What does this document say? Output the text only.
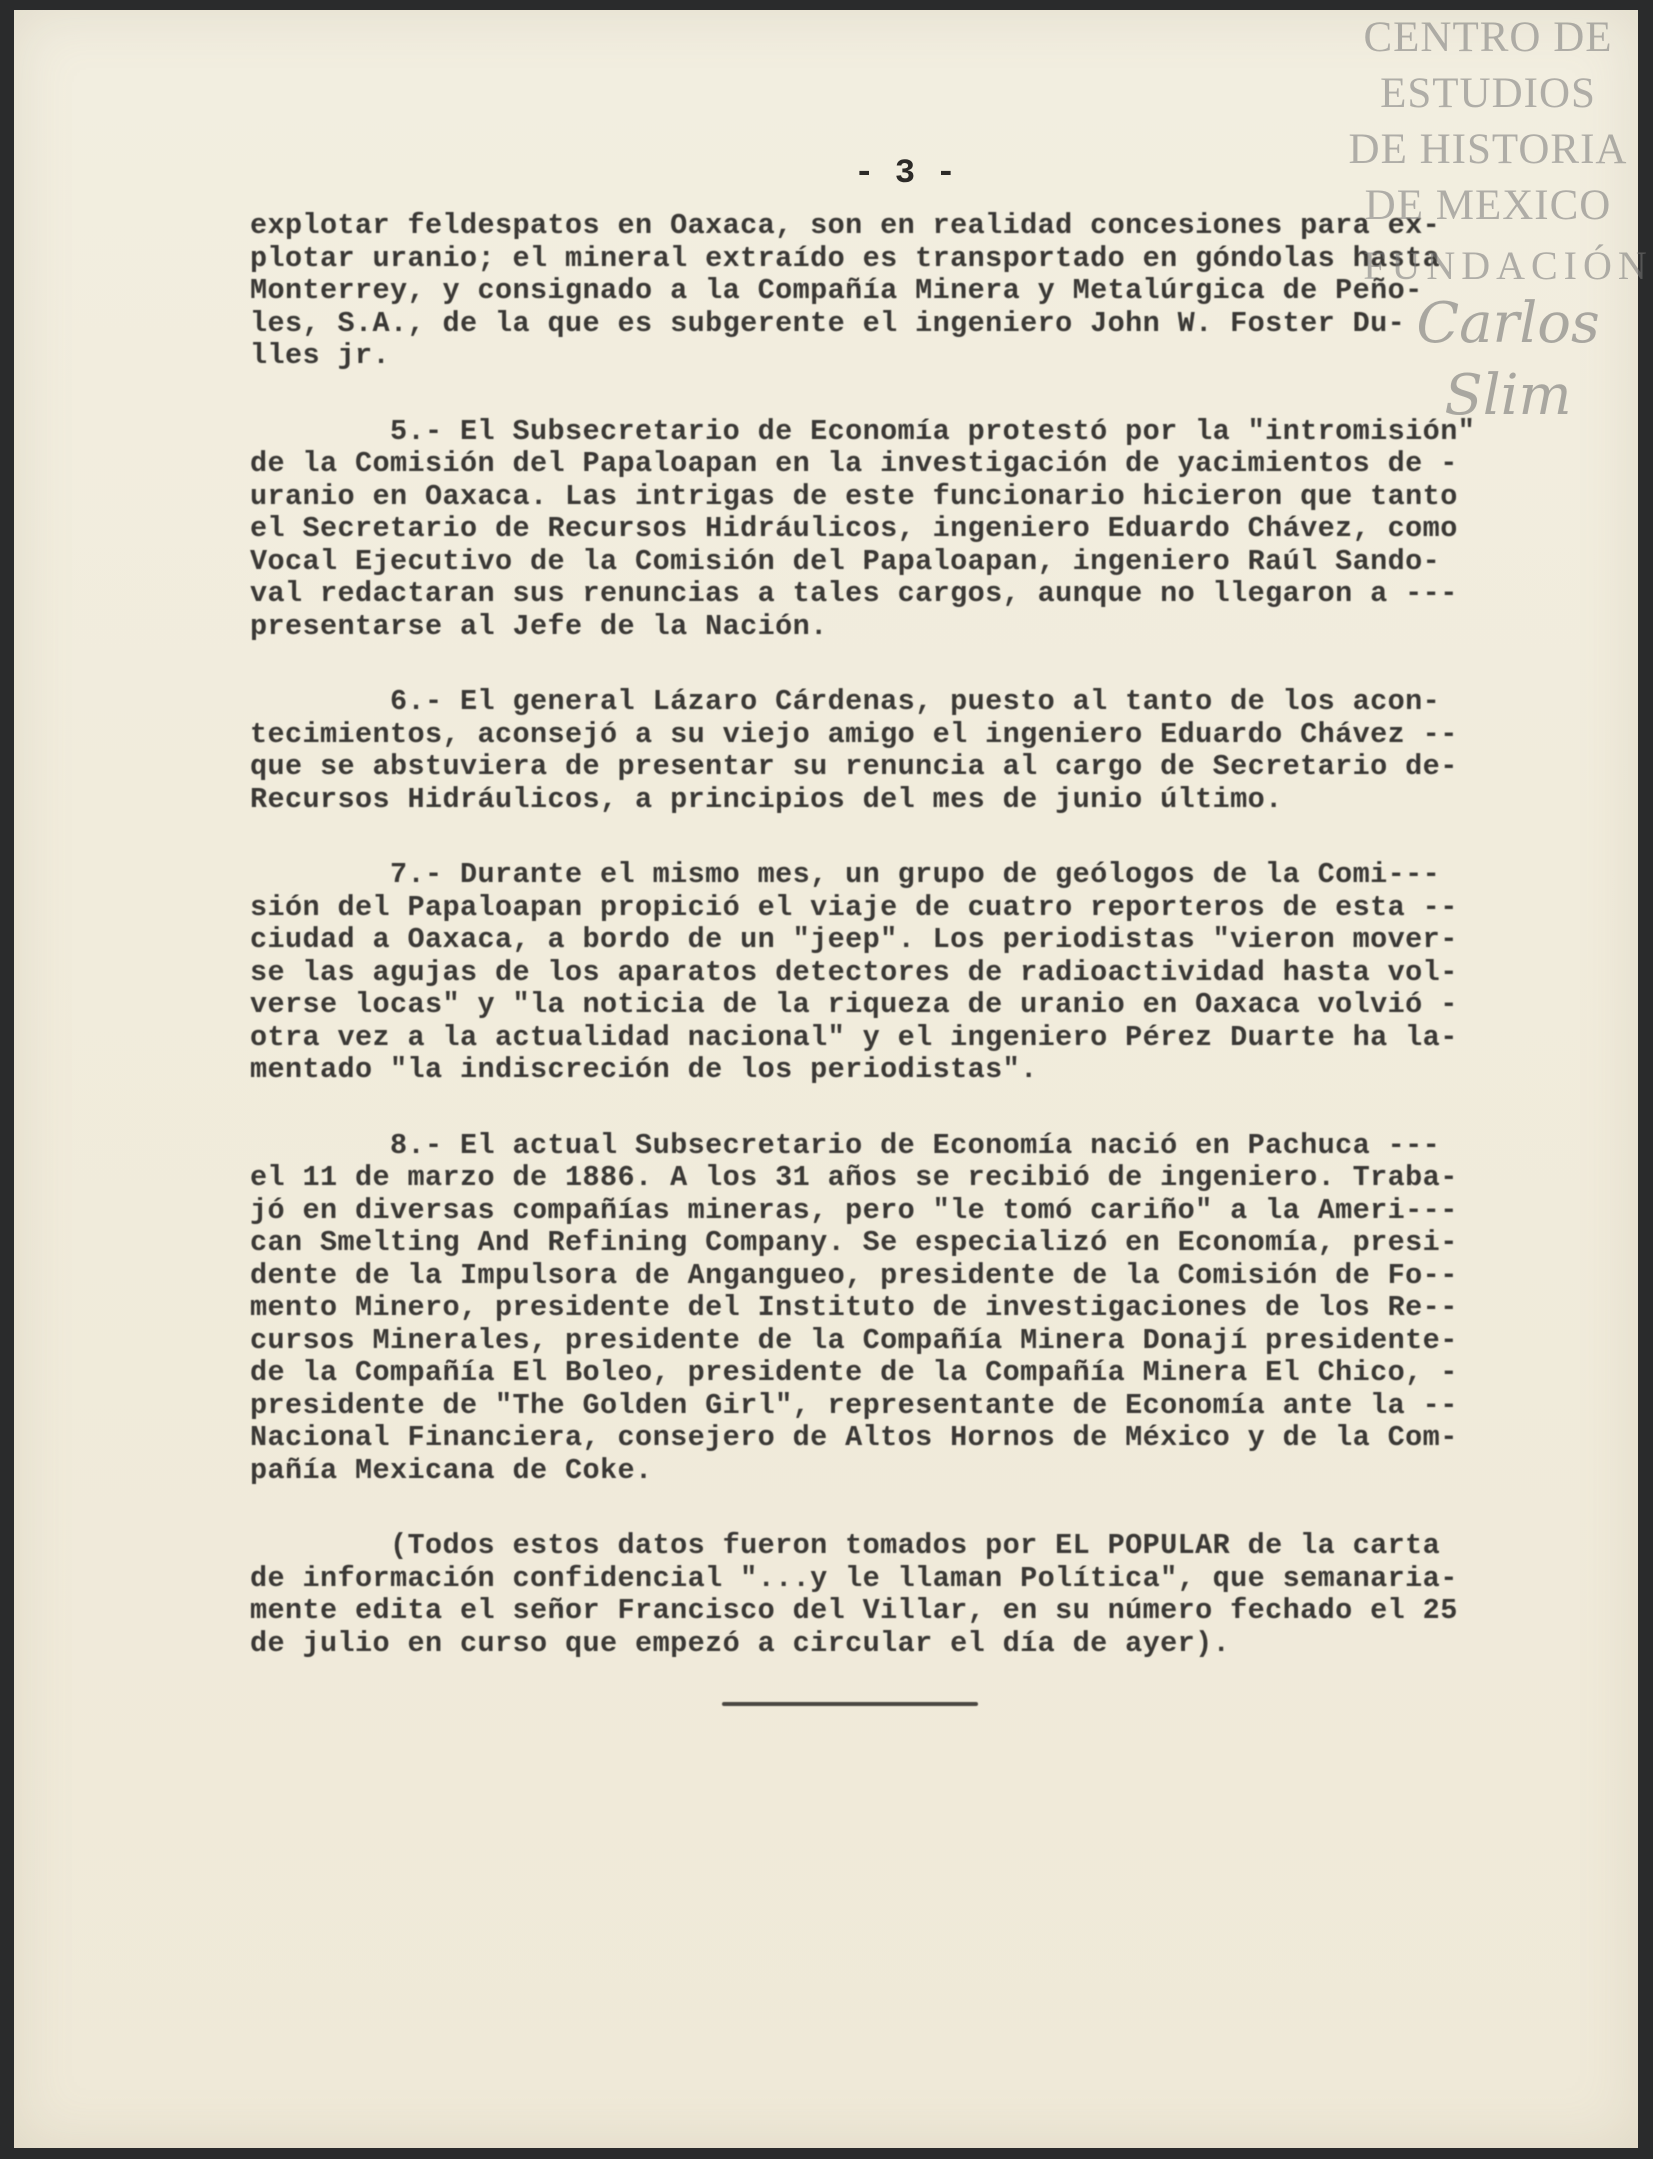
- 3 -
explotar feldespatos en Oaxaca, son en realidad concesiones para ex-
plotar uranio; el mineral extraído es transportado en góndolas hasta
Monterrey, y consignado a la Compañía Minera y Metalúrgica de Peño-
les, S.A., de la que es subgerente el ingeniero John W. Foster Du-
lles jr.
5.- El Subsecretario de Economía protestó por la "intromisión"
de la Comisión del Papaloapan en la investigación de yacimientos de -
uranio en Oaxaca. Las intrigas de este funcionario hicieron que tanto
el Secretario de Recursos Hidráulicos, ingeniero Eduardo Chávez, como
Vocal Ejecutivo de la Comisión del Papaloapan, ingeniero Raúl Sando-
val redactaran sus renuncias a tales cargos, aunque no llegaron a ---
presentarse al Jefe de la Nación.
6.- El general Lázaro Cárdenas, puesto al tanto de los acon-
tecimientos, aconsejó a su viejo amigo el ingeniero Eduardo Chávez --
que se abstuviera de presentar su renuncia al cargo de Secretario de-
Recursos Hidráulicos, a principios del mes de junio último.
7.- Durante el mismo mes, un grupo de geólogos de la Comi---
sión del Papaloapan propició el viaje de cuatro reporteros de esta --
ciudad a Oaxaca, a bordo de un "jeep". Los periodistas "vieron mover-
se las agujas de los aparatos detectores de radioactividad hasta vol-
verse locas" y "la noticia de la riqueza de uranio en Oaxaca volvió -
otra vez a la actualidad nacional" y el ingeniero Pérez Duarte ha la-
mentado "la indiscreción de los periodistas".
8.- El actual Subsecretario de Economía nació en Pachuca ---
el 11 de marzo de 1886. A los 31 años se recibió de ingeniero. Traba-
jó en diversas compañías mineras, pero "le tomó cariño" a la Ameri---
can Smelting And Refining Company. Se especializó en Economía, presi-
dente de la Impulsora de Angangueo, presidente de la Comisión de Fo--
mento Minero, presidente del Instituto de investigaciones de los Re--
cursos Minerales, presidente de la Compañía Minera Donají presidente-
de la Compañía El Boleo, presidente de la Compañía Minera El Chico, -
presidente de "The Golden Girl", representante de Economía ante la --
Nacional Financiera, consejero de Altos Hornos de México y de la Com-
pañía Mexicana de Coke.
(Todos estos datos fueron tomados por EL POPULAR de la carta
de información confidencial "...y le llaman Política", que semanaria-
mente edita el señor Francisco del Villar, en su número fechado el 25
de julio en curso que empezó a circular el día de ayer).
CENTRO DE
ESTUDIOS
DE HISTORIA
DE MEXICO
FUNDACIÓN
Carlos Slim
